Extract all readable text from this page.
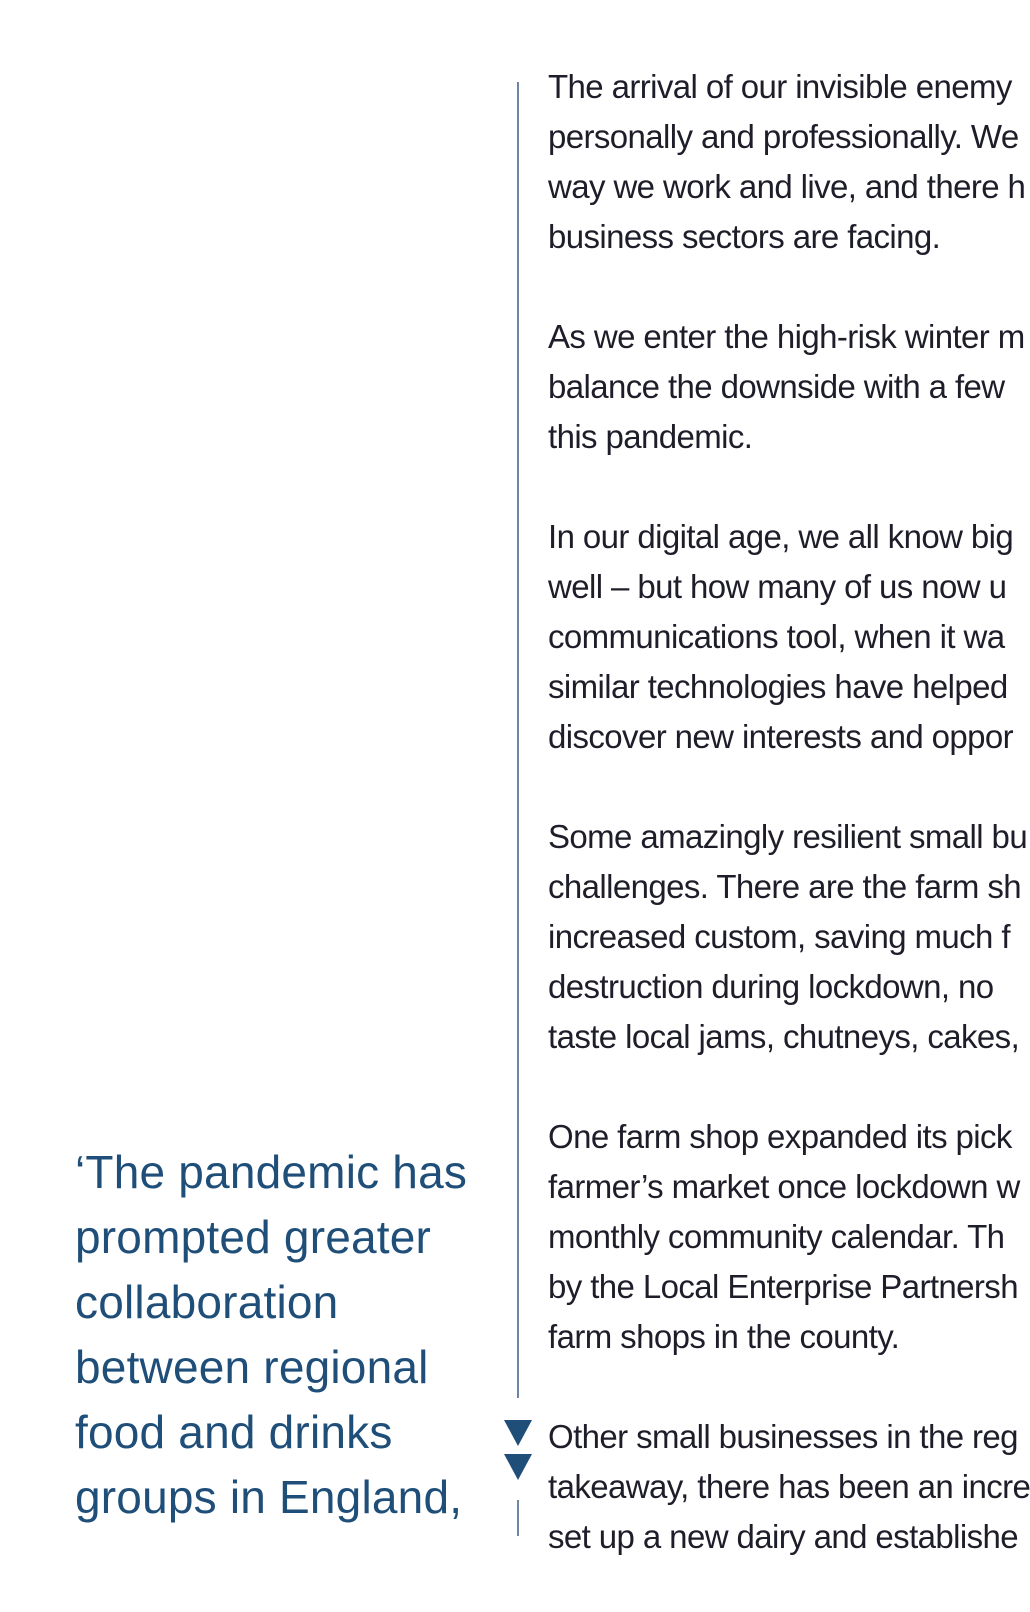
‘The pandemic has
prompted greater
collaboration
between regional
food and drinks
groups in England,
The arrival of our invisible enemy
personally and professionally. We
way we work and live, and there h
business sectors are facing.
As we enter the high-risk winter m
balance the downside with a few
this pandemic.
In our digital age, we all know big
well – but how many of us now u
communications tool, when it wa
similar technologies have helped
discover new interests and oppor
Some amazingly resilient small bu
challenges. There are the farm sh
increased custom, saving much f
destruction during lockdown, no
taste local jams, chutneys, cakes,
One farm shop expanded its pick
farmer’s market once lockdown w
monthly community calendar. Th
by the Local Enterprise Partnersh
farm shops in the county.
Other small businesses in the reg
takeaway, there has been an incre
set up a new dairy and establishe
